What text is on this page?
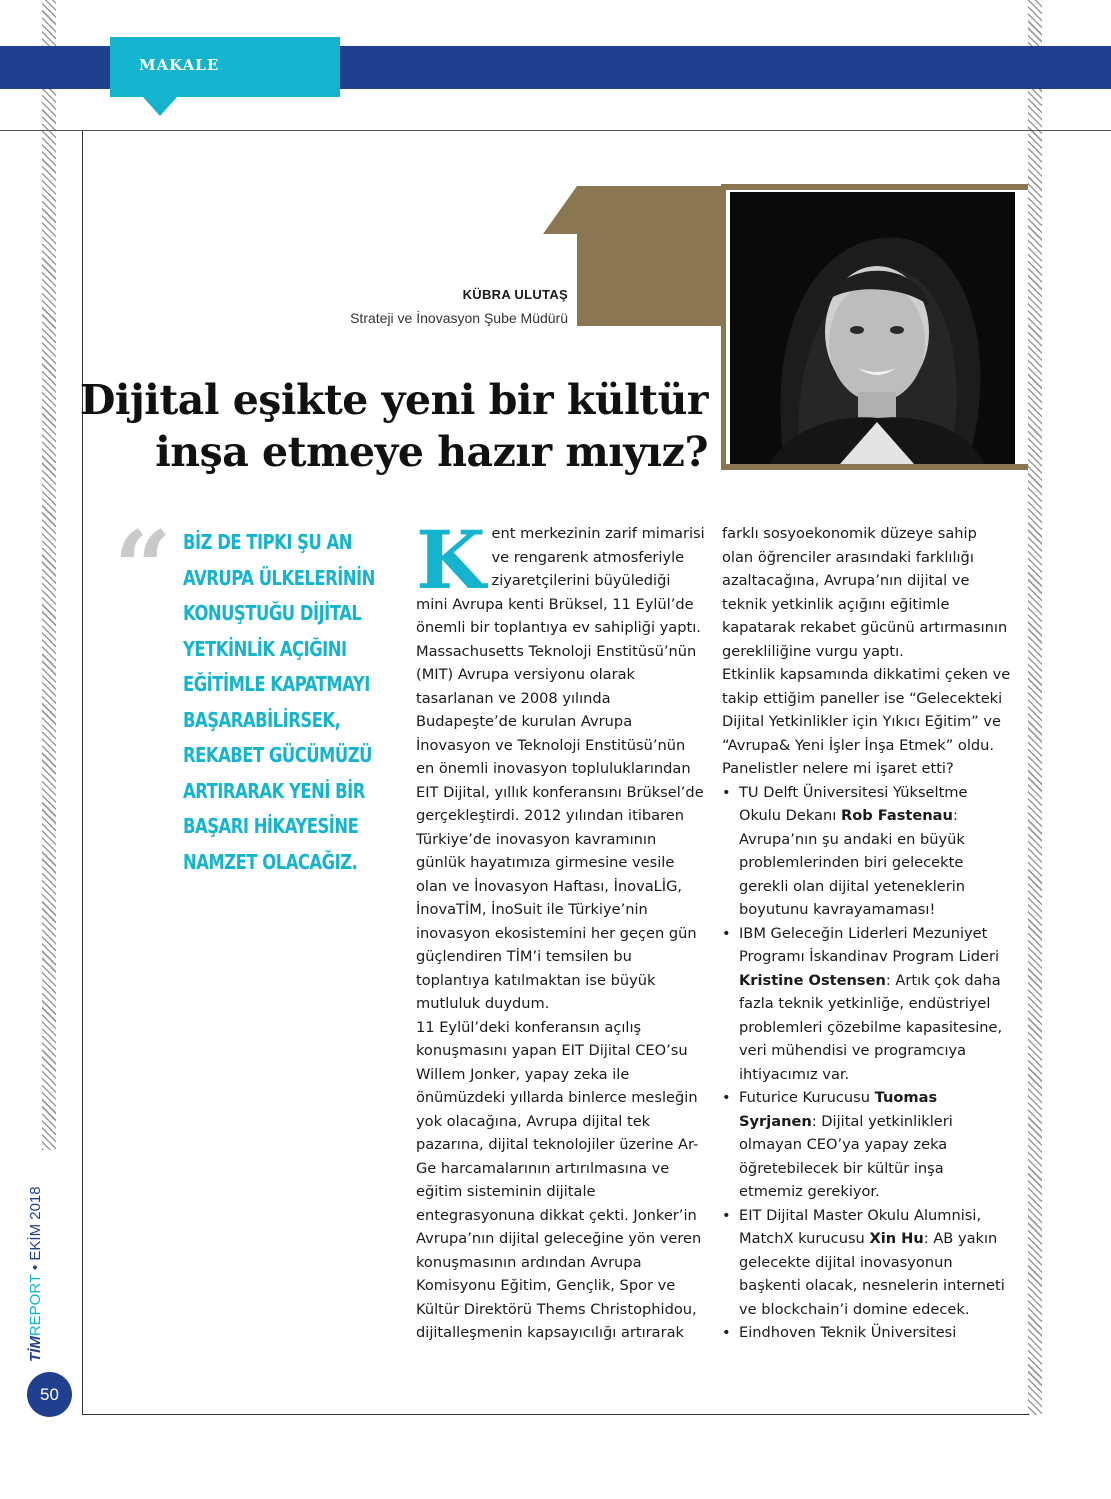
MAKALE
KÜBRA ULUTAŞ
Strateji ve İnovasyon Şube Müdürü
Dijital eşikte yeni bir kültür
inşa etmeye hazır mıyız?
“ BİZ DE TIPKI ŞU AN
AVRUPA ÜLKELERİNİN
KONUŞTUĞU DİJİTAL
YETKİNLİK AÇIĞINI
EĞİTİMLE KAPATMAYI
BAŞARABİLİRSEK,
REKABET GÜCÜMÜZÜ
ARTIRARAK YENİ BİR
BAŞARI HİKAYESİNE
NAMZET OLACAĞIZ.

Kent merkezinin zarif mimarisi ve rengarenk atmosferiyle ziyaretçilerini büyülediği mini Avrupa kenti Brüksel, 11 Eylül’de önemli bir toplantıya ev sahipliği yaptı.

Massachusetts Teknoloji Enstitüsü’nün (MIT) Avrupa versiyonu olarak tasarlanan ve 2008 yılında Budapeşte’de kurulan Avrupa İnovasyon ve Teknoloji Enstitüsü’nün en önemli inovasyon topluluklarından EIT Dijital, yıllık konferansını Brüksel’de gerçekleştirdi. 2012 yılından itibaren Türkiye’de inovasyon kavramının günlük hayatımıza girmesine vesile olan ve İnovasyon Haftası, İnovaLİG, İnovaTİM, İnoSuit ile Türkiye’nin inovasyon ekosistemini her geçen gün güçlendiren TİM’i temsilen bu toplantıya katılmaktan ise büyük mutluluk duydum.

11 Eylül’deki konferansın açılış konuşmasını yapan EIT Dijital CEO’su Willem Jonker, yapay zeka ile önümüzdeki yıllarda binlerce mesleğin yok olacağına, Avrupa dijital tek pazarına, dijital teknolojiler üzerine Ar-Ge harcamalarının artırılmasına ve eğitim sisteminin dijitale entegrasyonuna dikkat çekti. Jonker’in Avrupa’nın dijital geleceğine yön veren konuşmasının ardından Avrupa Komisyonu Eğitim, Gençlik, Spor ve Kültür Direktörü Thems Christophidou, dijitalleşmenin kapsayıcılığı artırarak

farklı sosyoekonomik düzeye sahip olan öğrenciler arasındaki farklılığı azaltacağına, Avrupa’nın dijital ve teknik yetkinlik açığını eğitimle kapatarak rekabet gücünü artırmasının gerekliliğine vurgu yaptı.

Etkinlik kapsamında dikkatimi çeken ve takip ettiğim paneller ise “Gelecekteki Dijital Yetkinlikler için Yıkıcı Eğitim” ve “Avrupa& Yeni İşler İnşa Etmek” oldu. Panelistler nelere mi işaret etti?

• TU Delft Üniversitesi Yükseltme Okulu Dekanı Rob Fastenau: Avrupa’nın şu andaki en büyük problemlerinden biri gelecekte gerekli olan dijital yeteneklerin boyutunu kavrayamaması!
• IBM Geleceğin Liderleri Mezuniyet Programı İskandinav Program Lideri Kristine Ostensen: Artık çok daha fazla teknik yetkinliğe, endüstriyel problemleri çözebilme kapasitesine, veri mühendisi ve programcıya ihtiyacımız var.
• Futurice Kurucusu Tuomas Syrjanen: Dijital yetkinlikleri olmayan CEO’ya yapay zeka öğretebilecek bir kültür inşa etmemiz gerekiyor.
• EIT Dijital Master Okulu Alumnisi, MatchX kurucusu Xin Hu: AB yakın gelecekte dijital inovasyonun başkenti olacak, nesnelerin interneti ve blockchain’i domine edecek.
• Eindhoven Teknik Üniversitesi
TİMREPORT • EKİM 2018
50
